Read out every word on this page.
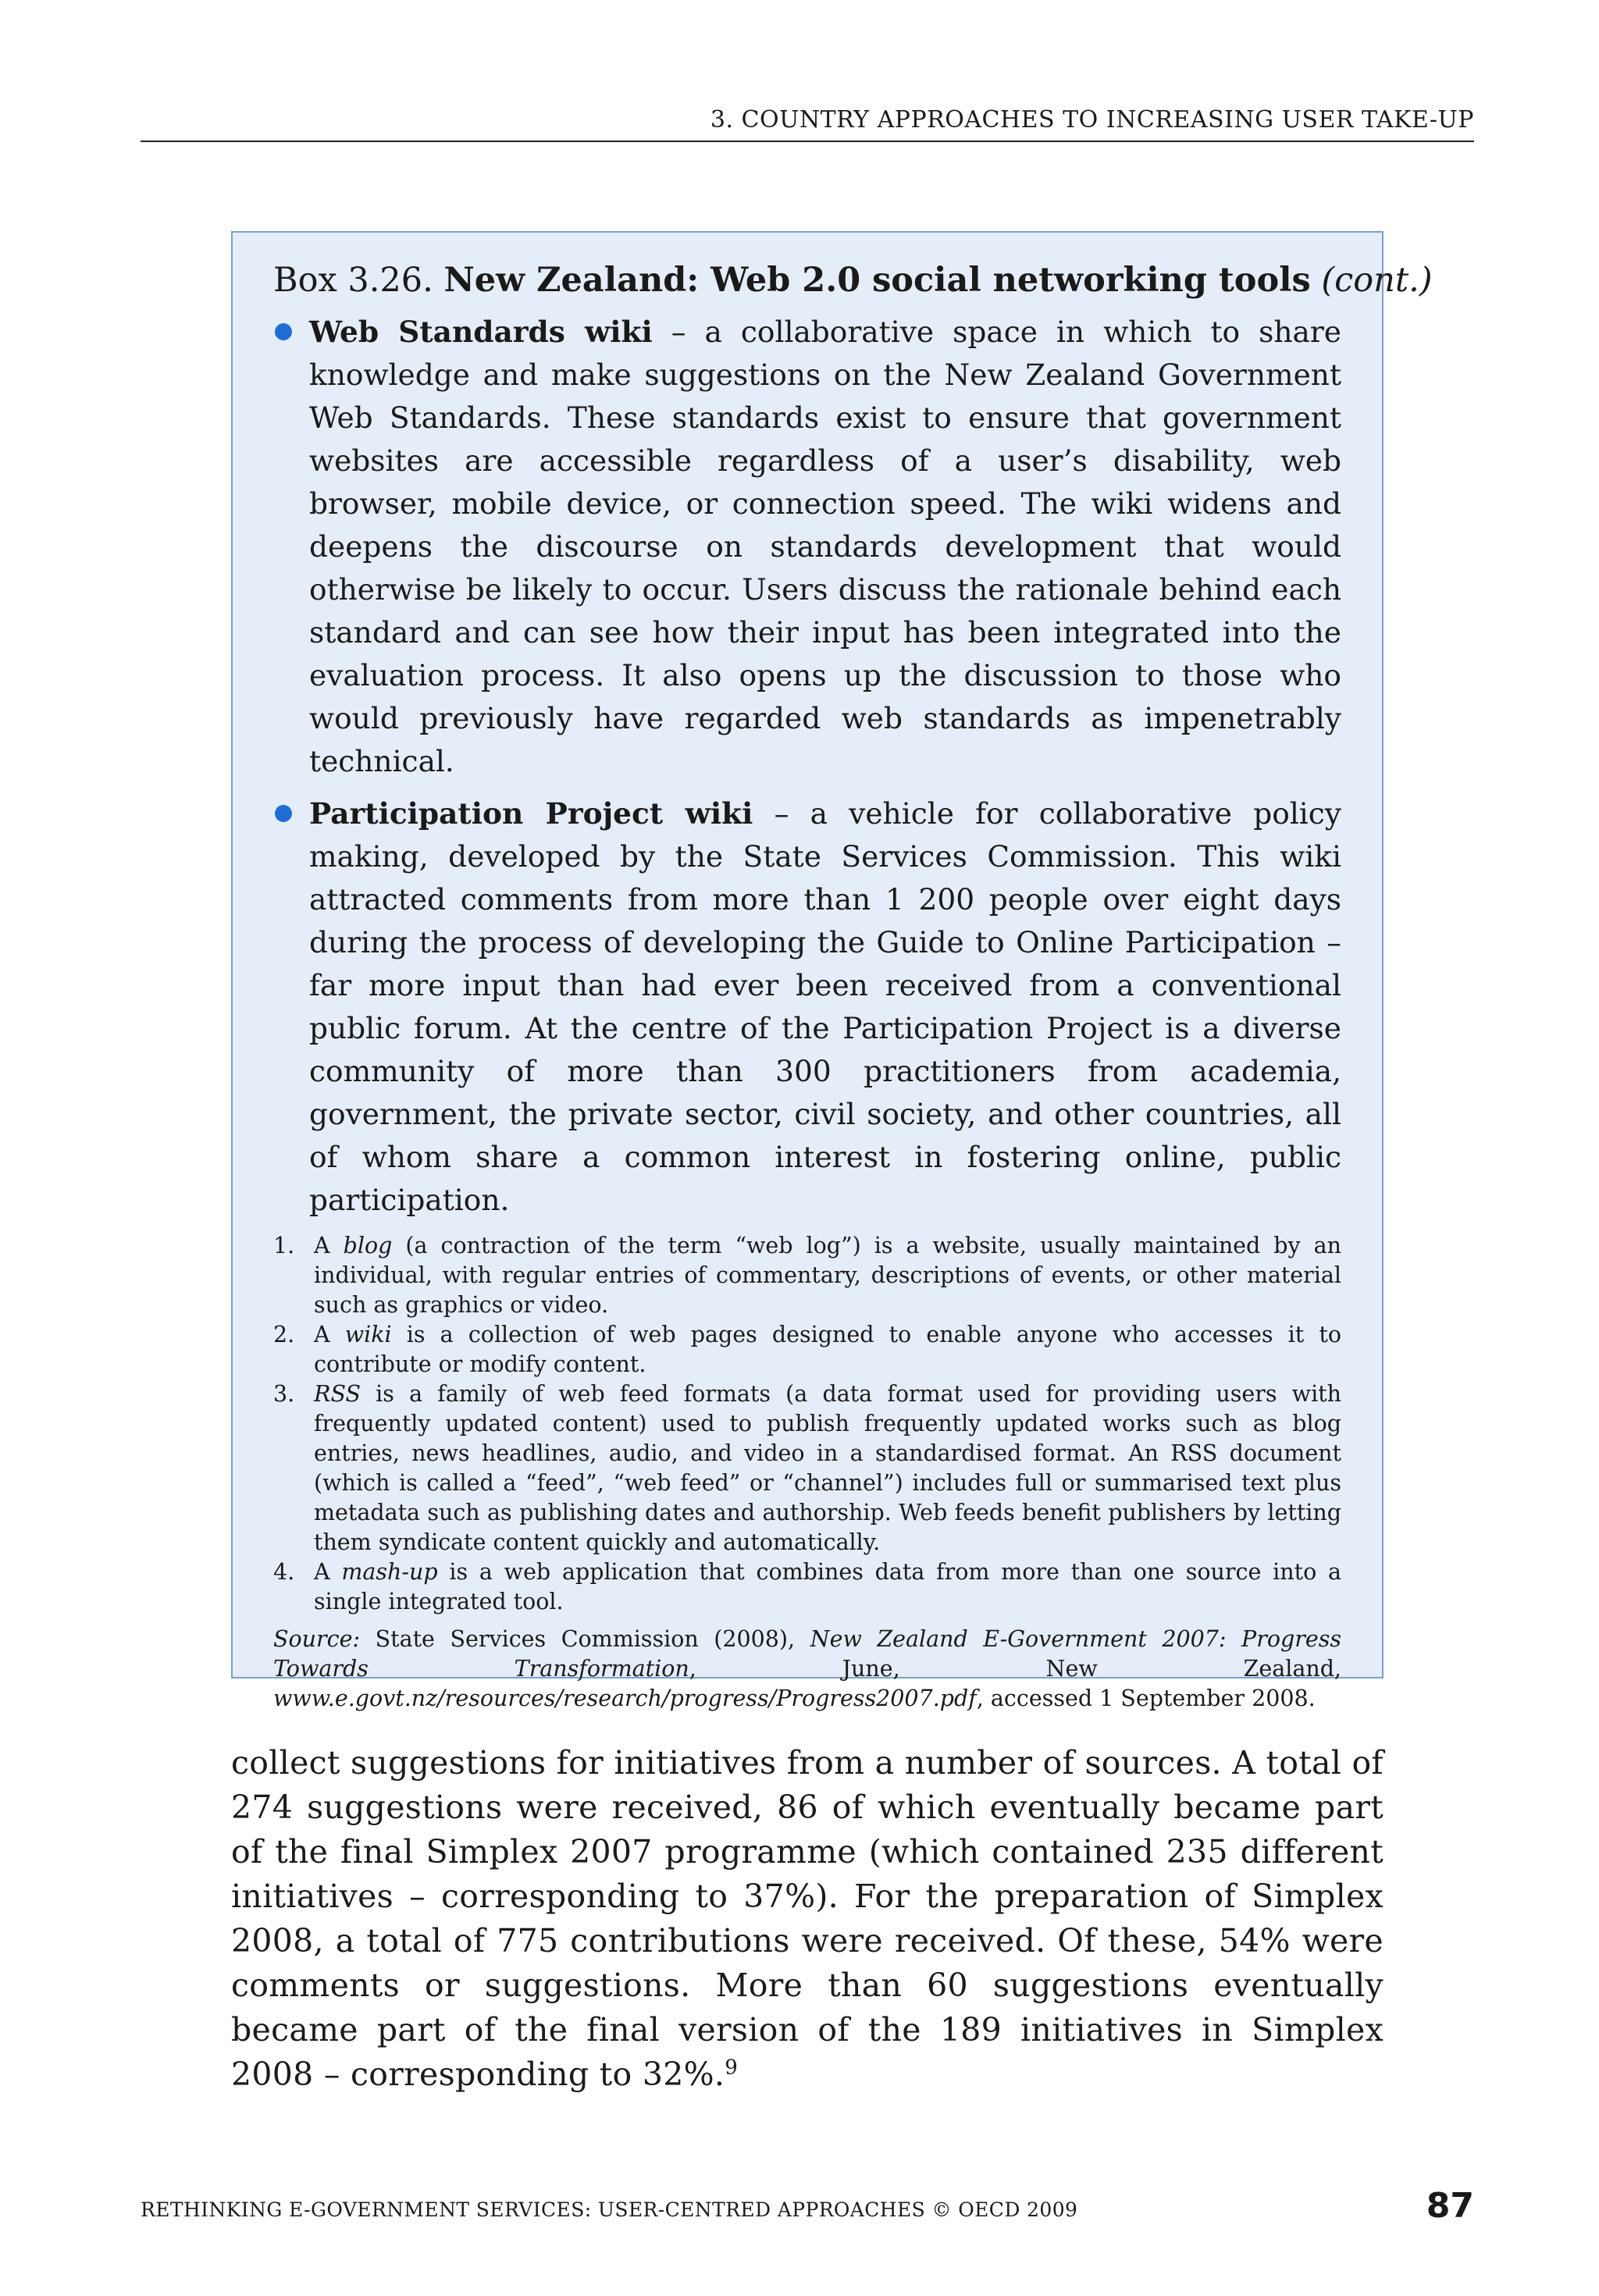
3. COUNTRY APPROACHES TO INCREASING USER TAKE-UP
Box 3.26. New Zealand: Web 2.0 social networking tools (cont.)
Web Standards wiki – a collaborative space in which to share knowledge and make suggestions on the New Zealand Government Web Standards. These standards exist to ensure that government websites are accessible regardless of a user’s disability, web browser, mobile device, or connection speed. The wiki widens and deepens the discourse on standards development that would otherwise be likely to occur. Users discuss the rationale behind each standard and can see how their input has been integrated into the evaluation process. It also opens up the discussion to those who would previously have regarded web standards as impenetrably technical.
Participation Project wiki – a vehicle for collaborative policy making, developed by the State Services Commission. This wiki attracted comments from more than 1 200 people over eight days during the process of developing the Guide to Online Participation – far more input than had ever been received from a conventional public forum. At the centre of the Participation Project is a diverse community of more than 300 practitioners from academia, government, the private sector, civil society, and other countries, all of whom share a common interest in fostering online, public participation.
1. A blog (a contraction of the term “web log”) is a website, usually maintained by an individual, with regular entries of commentary, descriptions of events, or other material such as graphics or video.
2. A wiki is a collection of web pages designed to enable anyone who accesses it to contribute or modify content.
3. RSS is a family of web feed formats (a data format used for providing users with frequently updated content) used to publish frequently updated works such as blog entries, news headlines, audio, and video in a standardised format. An RSS document (which is called a “feed”, “web feed” or “channel”) includes full or summarised text plus metadata such as publishing dates and authorship. Web feeds benefit publishers by letting them syndicate content quickly and automatically.
4. A mash-up is a web application that combines data from more than one source into a single integrated tool.
Source: State Services Commission (2008), New Zealand E-Government 2007: Progress Towards Transformation, June, New Zealand, www.e.govt.nz/resources/research/progress/Progress2007.pdf, accessed 1 September 2008.
collect suggestions for initiatives from a number of sources. A total of 274 suggestions were received, 86 of which eventually became part of the final Simplex 2007 programme (which contained 235 different initiatives – corresponding to 37%). For the preparation of Simplex 2008, a total of 775 contributions were received. Of these, 54% were comments or suggestions. More than 60 suggestions eventually became part of the final version of the 189 initiatives in Simplex 2008 – corresponding to 32%.$^9$
RETHINKING E-GOVERNMENT SERVICES: USER-CENTRED APPROACHES © OECD 2009	87
